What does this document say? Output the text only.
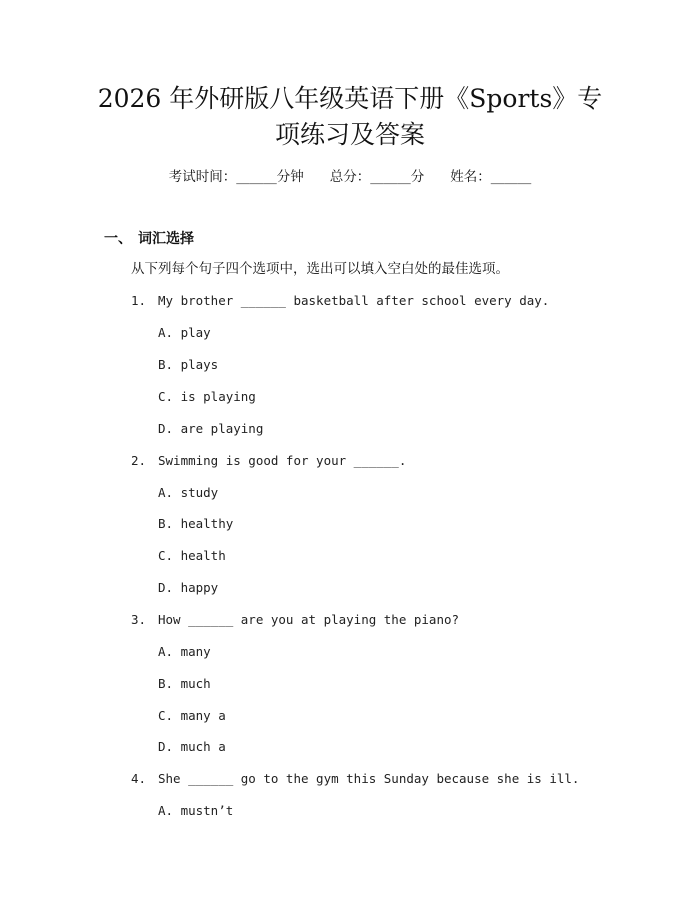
2026 年外研版八年级英语下册《Sports》专
项练习及答案
考试时间：______分钟 总分：______分 姓名：______
一、 词汇选择
从下列每个句子四个选项中，选出可以填入空白处的最佳选项。
1. My brother ______ basketball after school every day.
A. play
B. plays
C. is playing
D. are playing
2. Swimming is good for your ______.
A. study
B. healthy
C. health
D. happy
3. How ______ are you at playing the piano?
A. many
B. much
C. many a
D. much a
4. She ______ go to the gym this Sunday because she is ill.
A. mustn’t
